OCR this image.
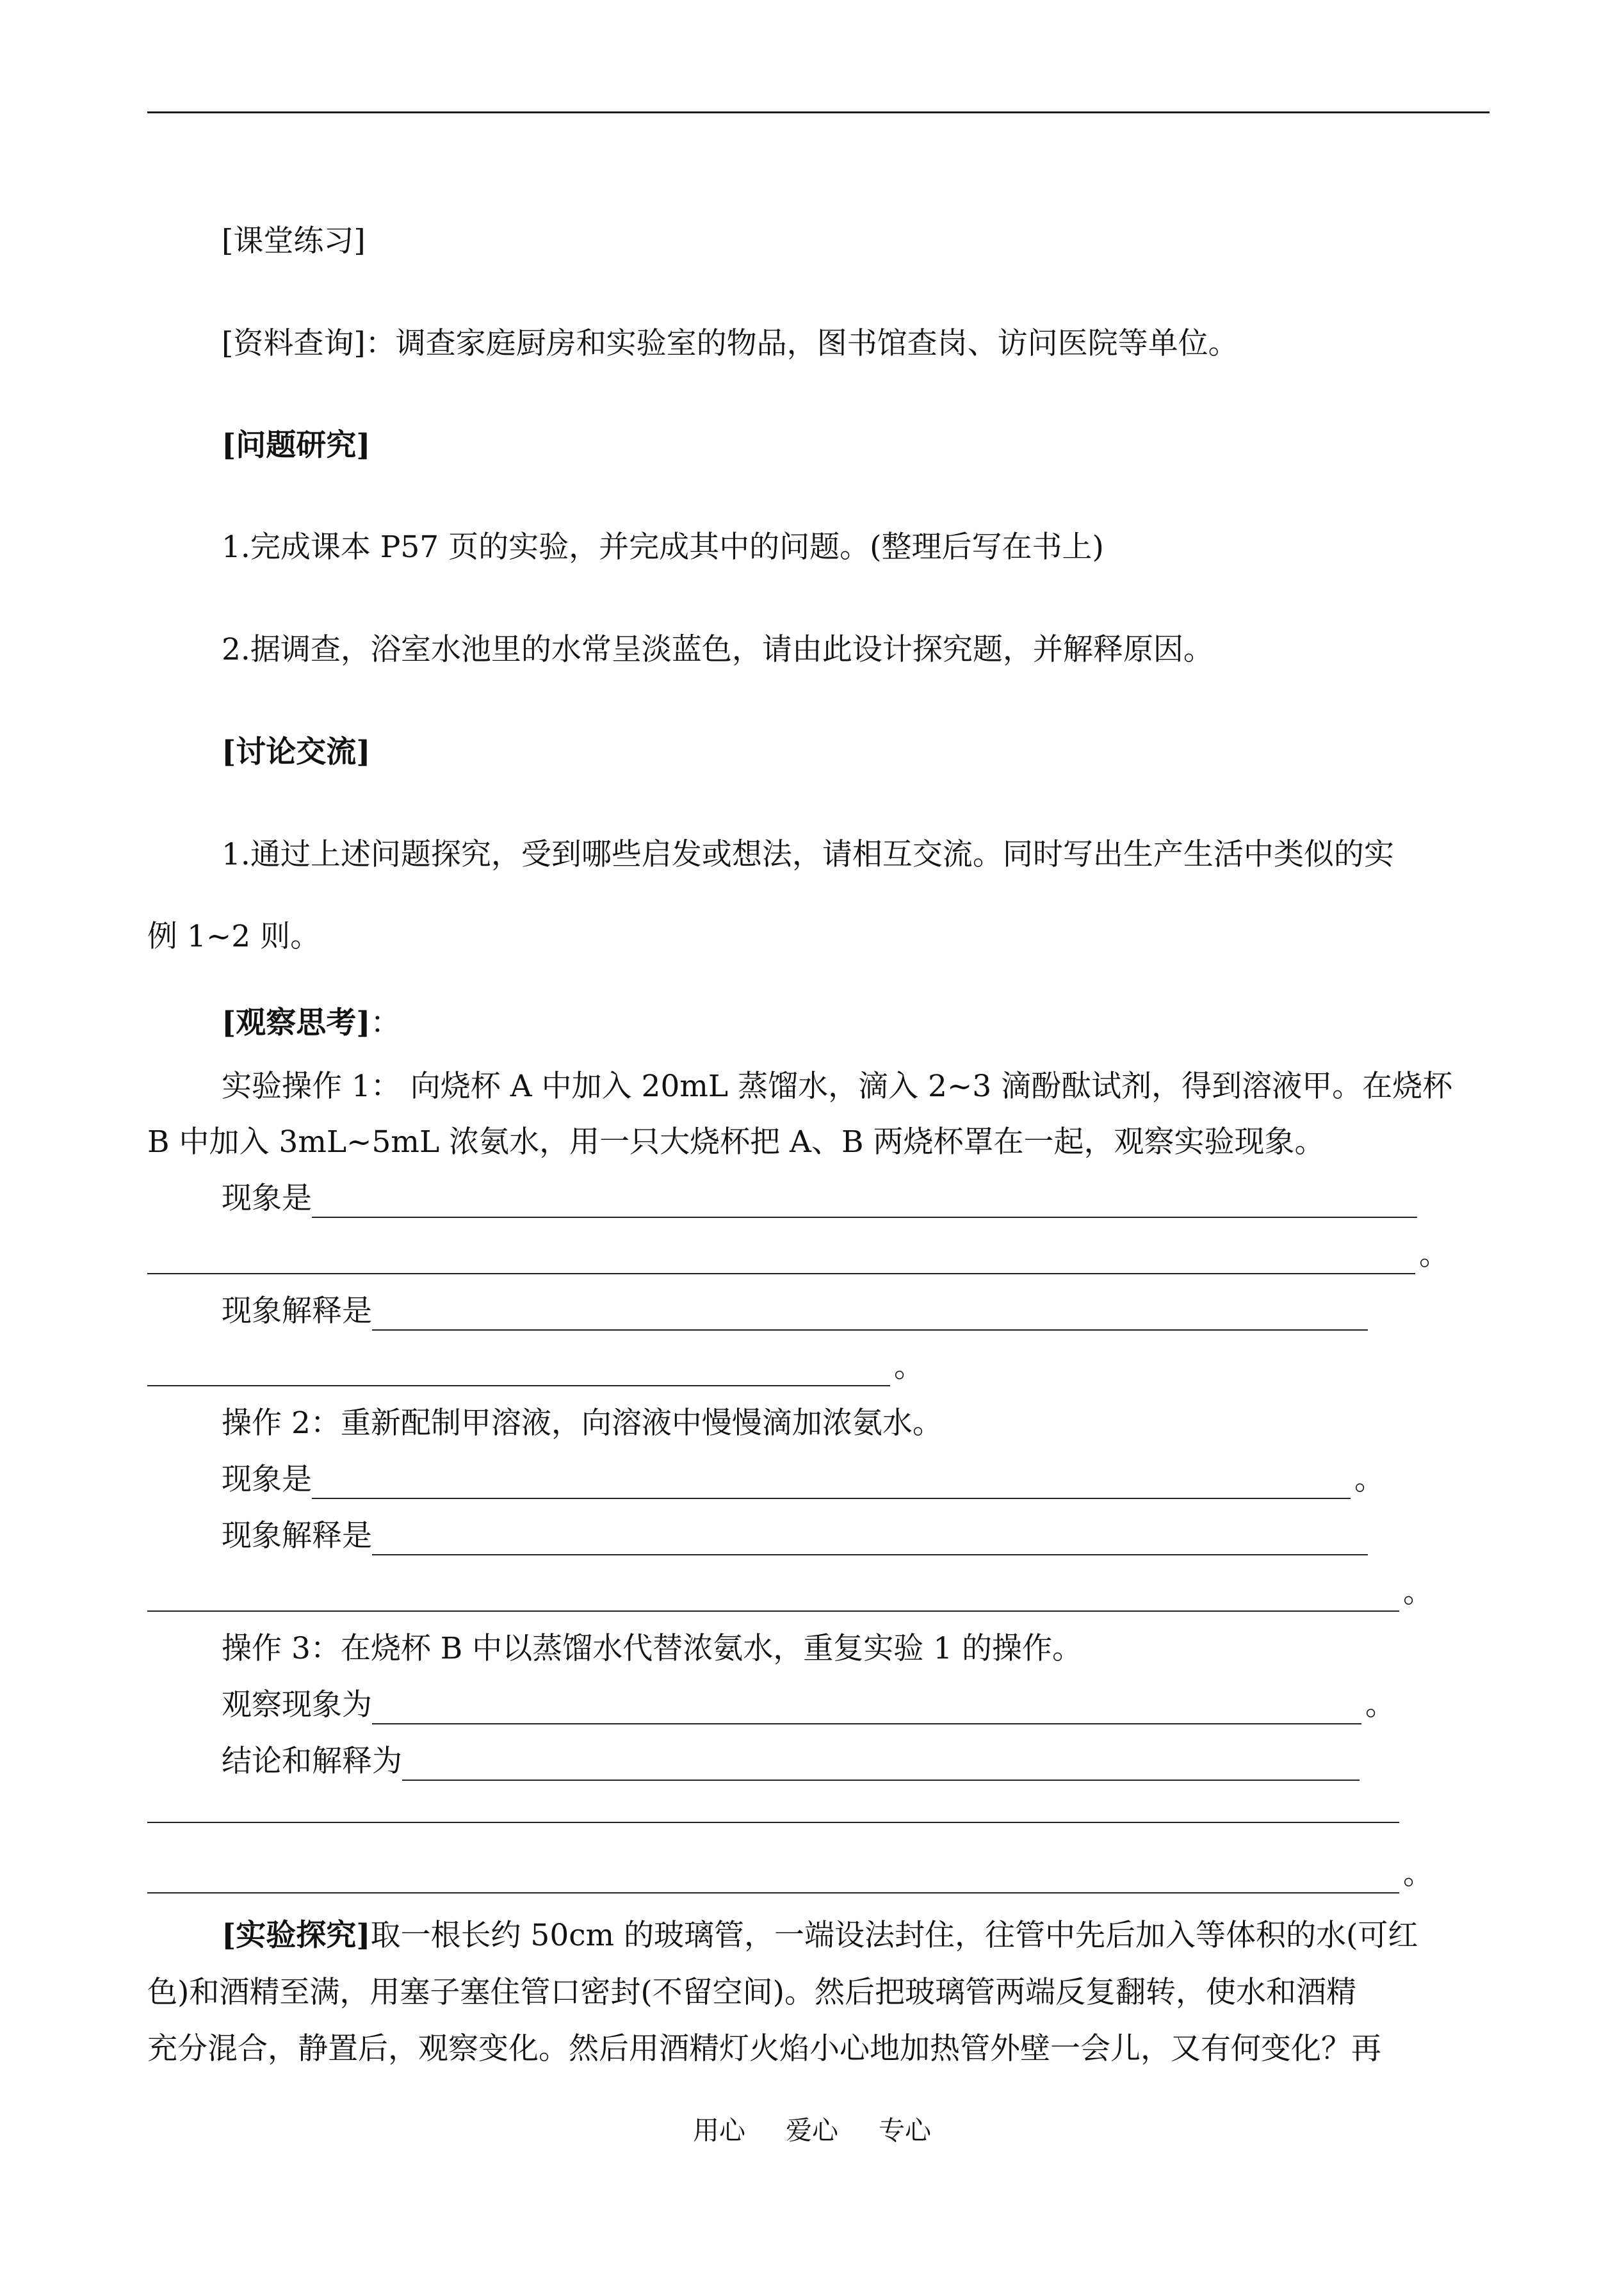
[课堂练习]
[资料查询]：调查家庭厨房和实验室的物品，图书馆查岗、访问医院等单位。
[问题研究]
1.完成课本 P57 页的实验，并完成其中的问题。(整理后写在书上)
2.据调查，浴室水池里的水常呈淡蓝色，请由此设计探究题，并解释原因。
[讨论交流]
1.通过上述问题探究，受到哪些启发或想法，请相互交流。同时写出生产生活中类似的实
例 1~2 则。
[观察思考]：
实验操作 1： 向烧杯 A 中加入 20mL 蒸馏水，滴入 2~3 滴酚酞试剂，得到溶液甲。在烧杯
B 中加入 3mL~5mL 浓氨水，用一只大烧杯把 A、B 两烧杯罩在一起，观察实验现象。
现象是
。
现象解释是
。
操作 2：重新配制甲溶液，向溶液中慢慢滴加浓氨水。
现象是	。
现象解释是
。
操作 3：在烧杯 B 中以蒸馏水代替浓氨水，重复实验 1 的操作。
观察现象为	。
结论和解释为
。
[实验探究]取一根长约 50cm 的玻璃管，一端设法封住，往管中先后加入等体积的水(可红
色)和酒精至满，用塞子塞住管口密封(不留空间)。然后把玻璃管两端反复翻转，使水和酒精
充分混合，静置后，观察变化。然后用酒精灯火焰小心地加热管外壁一会儿，又有何变化？再
用心 爱心 专心
